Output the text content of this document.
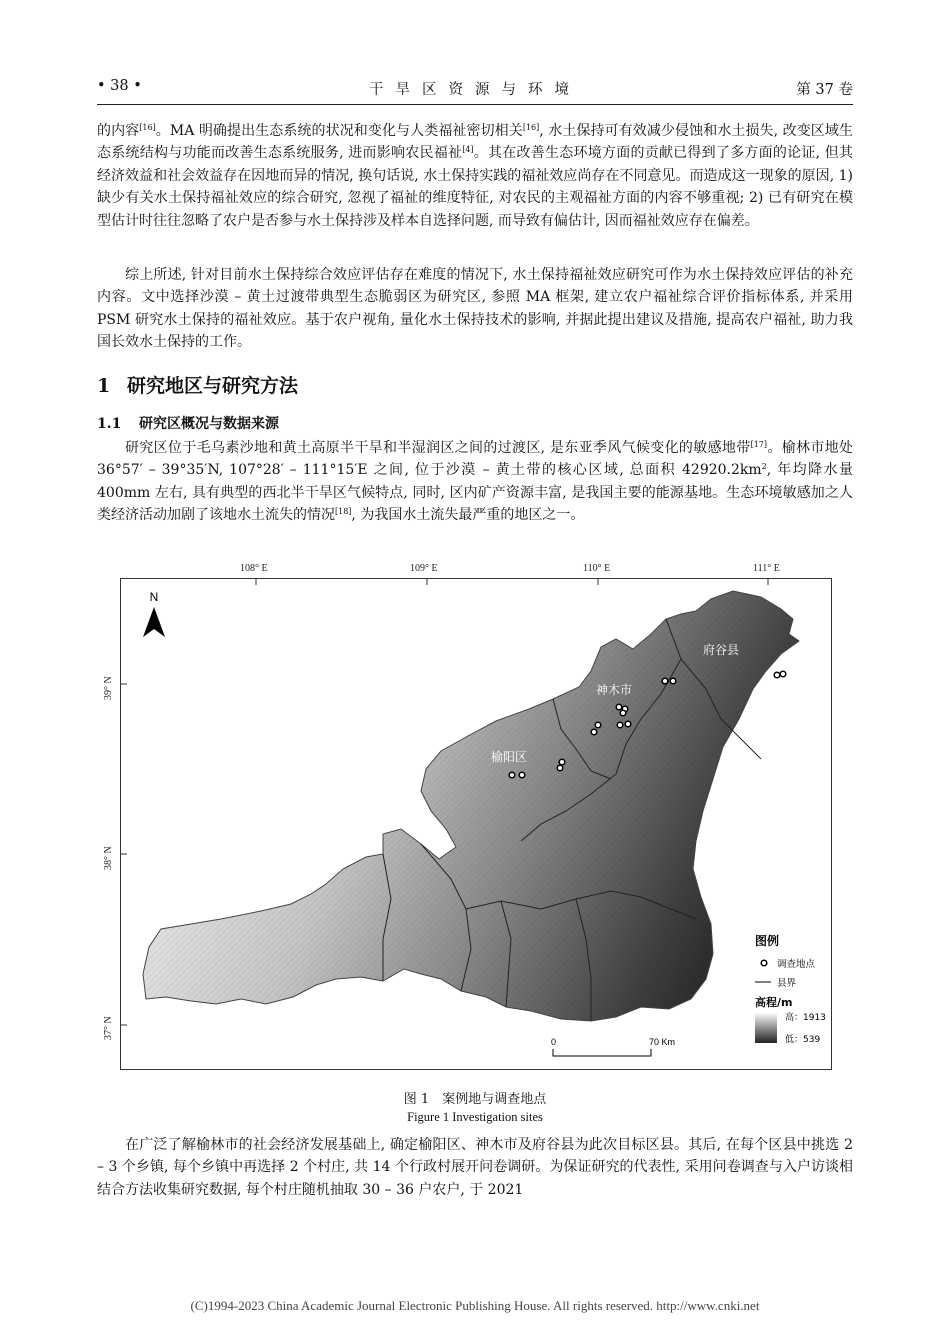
• 38 •	干旱区资源与环境	第 37 卷

的内容[16]。MA 明确提出生态系统的状况和变化与人类福祉密切相关[16], 水土保持可有效减少侵蚀和水土损失, 改变区域生态系统结构与功能而改善生态系统服务, 进而影响农民福祉[4]。其在改善生态环境方面的贡献已得到了多方面的论证, 但其经济效益和社会效益存在因地而异的情况, 换句话说, 水土保持实践的福祉效应尚存在不同意见。而造成这一现象的原因, 1) 缺少有关水土保持福祉效应的综合研究, 忽视了福祉的维度特征, 对农民的主观福祉方面的内容不够重视; 2) 已有研究在模型估计时往往忽略了农户是否参与水土保持涉及样本自选择问题, 而导致有偏估计, 因而福祉效应存在偏差。

综上所述, 针对目前水土保持综合效应评估存在难度的情况下, 水土保持福祉效应研究可作为水土保持效应评估的补充内容。文中选择沙漠 – 黄土过渡带典型生态脆弱区为研究区, 参照 MA 框架, 建立农户福祉综合评价指标体系, 并采用 PSM 研究水土保持的福祉效应。基于农户视角, 量化水土保持技术的影响, 并据此提出建议及措施, 提高农户福祉, 助力我国长效水土保持的工作。

1 研究地区与研究方法
1.1 研究区概况与数据来源

研究区位于毛乌素沙地和黄土高原半干旱和半湿润区之间的过渡区, 是东亚季风气候变化的敏感地带[17]。榆林市地处 36°57′ – 39°35′N, 107°28′ – 111°15′E 之间, 位于沙漠 – 黄土带的核心区域, 总面积 $42920.2km^2$, 年均降水量 400mm 左右, 具有典型的西北半干旱区气候特点, 同时, 区内矿产资源丰富, 是我国主要的能源基地。生态环境敏感加之人类经济活动加剧了该地水土流失的情况[18], 为我国水土流失最严重的地区之一。

108° E	109° E	110° E	111° E
39° N
38° N
37° N
府谷县
神木市
榆阳区
N
图例
调查地点
县界
高程/m
高：1913
低：539
0	70 Km
图 1　案例地与调查地点
Figure 1 Investigation sites

在广泛了解榆林市的社会经济发展基础上, 确定榆阳区、神木市及府谷县为此次目标区县。其后, 在每个区县中挑选 2 – 3 个乡镇, 每个乡镇中再选择 2 个村庄, 共 14 个行政村展开问卷调研。为保证研究的代表性, 采用问卷调查与入户访谈相结合方法收集研究数据, 每个村庄随机抽取 30 – 36 户农户, 于 2021

(C)1994-2023 China Academic Journal Electronic Publishing House. All rights reserved. http://www.cnki.net
